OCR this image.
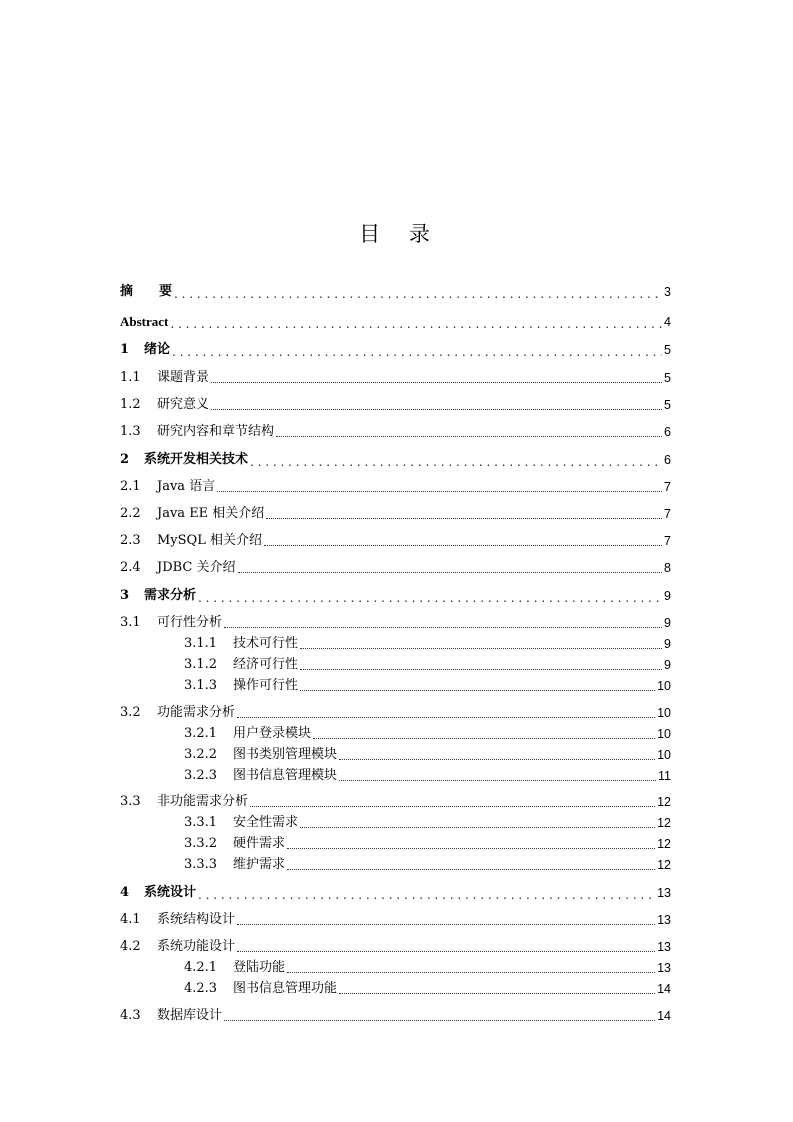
目 录
摘　　要 . . .	3
Abstract . . .	4
1	绪论 . . .	5
1.1	课题背景	5
1.2	研究意义	5
1.3	研究内容和章节结构	6
2	系统开发相关技术 . . .	6
2.1	Java 语言	7
2.2	Java EE 相关介绍	7
2.3	MySQL 相关介绍	7
2.4	JDBC 关介绍	8
3	需求分析 . . .	9
3.1	可行性分析	9
3.1.1	技术可行性	9
3.1.2	经济可行性	9
3.1.3	操作可行性	10
3.2	功能需求分析	10
3.2.1	用户登录模块	10
3.2.2	图书类别管理模块	10
3.2.3	图书信息管理模块	11
3.3	非功能需求分析	12
3.3.1	安全性需求	12
3.3.2	硬件需求	12
3.3.3	维护需求	12
4	系统设计 . . .	13
4.1	系统结构设计	13
4.2	系统功能设计	13
4.2.1	登陆功能	13
4.2.3	图书信息管理功能	14
4.3	数据库设计	14
